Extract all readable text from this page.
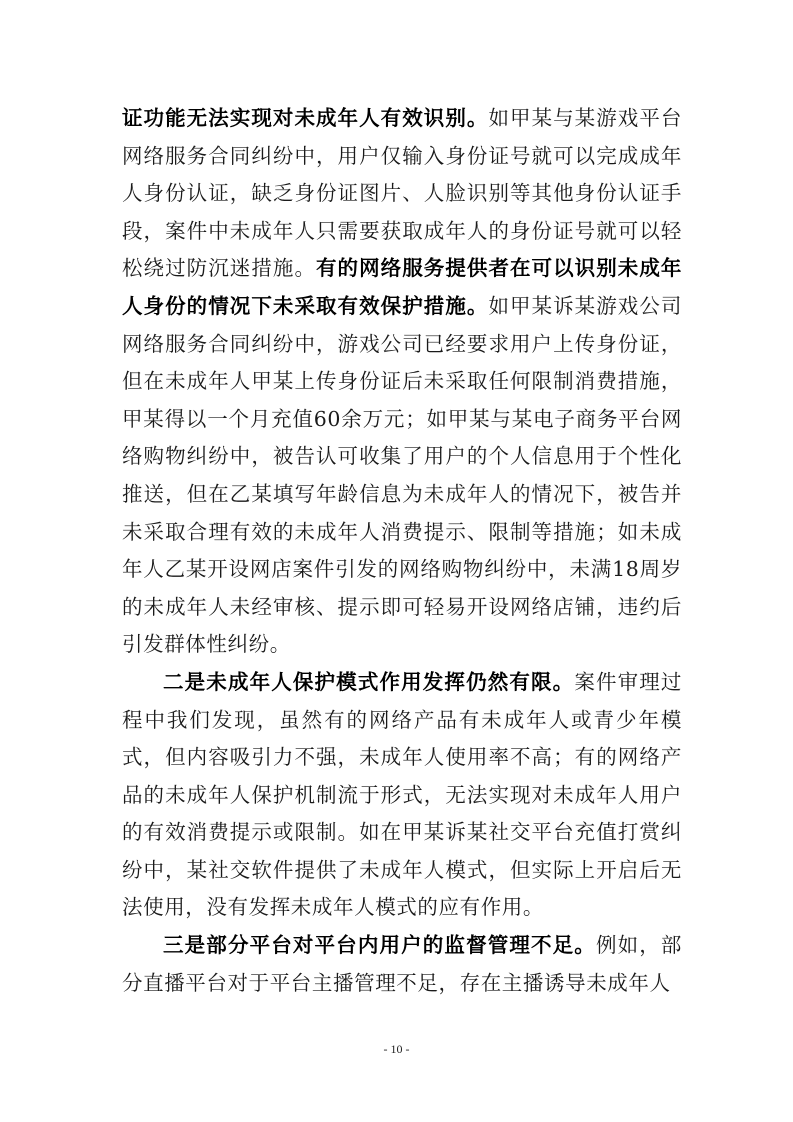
证功能无法实现对未成年人有效识别。如甲某与某游戏平台网络服务合同纠纷中，用户仅输入身份证号就可以完成成年人身份认证，缺乏身份证图片、人脸识别等其他身份认证手段，案件中未成年人只需要获取成年人的身份证号就可以轻松绕过防沉迷措施。有的网络服务提供者在可以识别未成年人身份的情况下未采取有效保护措施。如甲某诉某游戏公司网络服务合同纠纷中，游戏公司已经要求用户上传身份证，但在未成年人甲某上传身份证后未采取任何限制消费措施，甲某得以一个月充值60余万元；如甲某与某电子商务平台网络购物纠纷中，被告认可收集了用户的个人信息用于个性化推送，但在乙某填写年龄信息为未成年人的情况下，被告并未采取合理有效的未成年人消费提示、限制等措施；如未成年人乙某开设网店案件引发的网络购物纠纷中，未满18周岁的未成年人未经审核、提示即可轻易开设网络店铺，违约后引发群体性纠纷。

二是未成年人保护模式作用发挥仍然有限。案件审理过程中我们发现，虽然有的网络产品有未成年人或青少年模式，但内容吸引力不强，未成年人使用率不高；有的网络产品的未成年人保护机制流于形式，无法实现对未成年人用户的有效消费提示或限制。如在甲某诉某社交平台充值打赏纠纷中，某社交软件提供了未成年人模式，但实际上开启后无法使用，没有发挥未成年人模式的应有作用。

三是部分平台对平台内用户的监督管理不足。例如，部分直播平台对于平台主播管理不足，存在主播诱导未成年人

- 10 -
